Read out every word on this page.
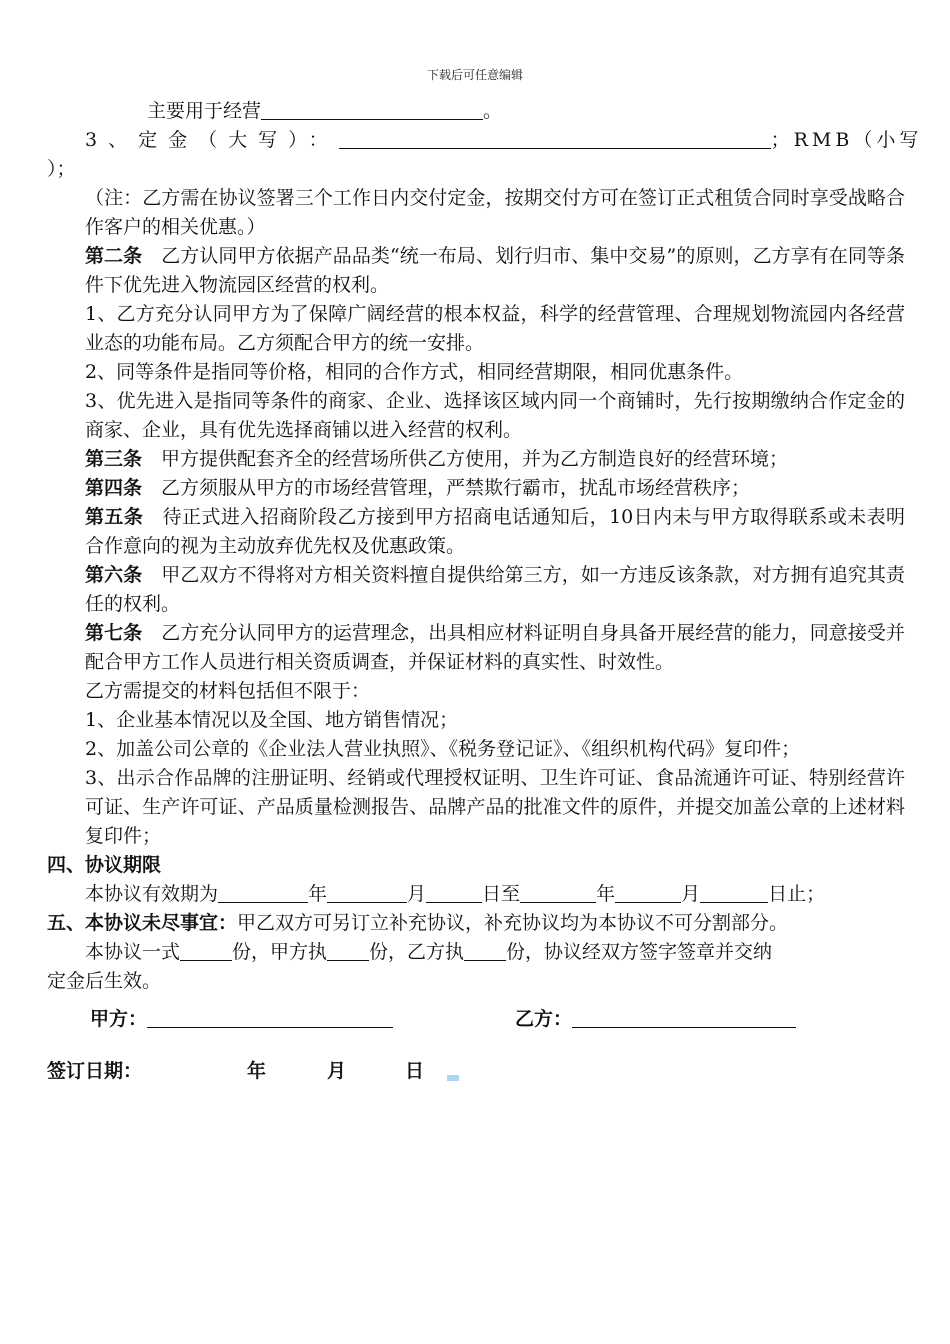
下载后可任意编辑

主要用于经营	。

3、定金（大写）：	；RMB（小写

）；

（注：乙方需在协议签署三个工作日内交付定金，按期交付方可在签订正式租赁合同时享受战略合作客户的相关优惠。）

第二条　乙方认同甲方依据产品品类“统一布局、划行归市、集中交易”的原则，乙方享有在同等条件下优先进入物流园区经营的权利。

1、乙方充分认同甲方为了保障广阔经营的根本权益，科学的经营管理、合理规划物流园内各经营业态的功能布局。乙方须配合甲方的统一安排。

2、同等条件是指同等价格，相同的合作方式，相同经营期限，相同优惠条件。

3、优先进入是指同等条件的商家、企业、选择该区域内同一个商铺时，先行按期缴纳合作定金的商家、企业，具有优先选择商铺以进入经营的权利。

第三条　甲方提供配套齐全的经营场所供乙方使用，并为乙方制造良好的经营环境；

第四条　乙方须服从甲方的市场经营管理，严禁欺行霸市，扰乱市场经营秩序；

第五条　待正式进入招商阶段乙方接到甲方招商电话通知后，10日内未与甲方取得联系或未表明合作意向的视为主动放弃优先权及优惠政策。

第六条　甲乙双方不得将对方相关资料擅自提供给第三方，如一方违反该条款，对方拥有追究其责任的权利。

第七条　乙方充分认同甲方的运营理念，出具相应材料证明自身具备开展经营的能力，同意接受并配合甲方工作人员进行相关资质调查，并保证材料的真实性、时效性。

乙方需提交的材料包括但不限于：

1、企业基本情况以及全国、地方销售情况；

2、加盖公司公章的《企业法人营业执照》、《税务登记证》、《组织机构代码》复印件；

3、出示合作品牌的注册证明、经销或代理授权证明、卫生许可证、食品流通许可证、特别经营许可证、生产许可证、产品质量检测报告、品牌产品的批准文件的原件，并提交加盖公章的上述材料复印件；

四、协议期限

本协议有效期为	年	月	日至	年	月	日止；

五、本协议未尽事宜：甲乙双方可另订立补充协议，补充协议均为本协议不可分割部分。

本协议一式	份，甲方执 份，乙方执 份，协议经双方签字签章并交纳

定金后生效。

甲方：	乙方：
签订日期：	年	月	日
